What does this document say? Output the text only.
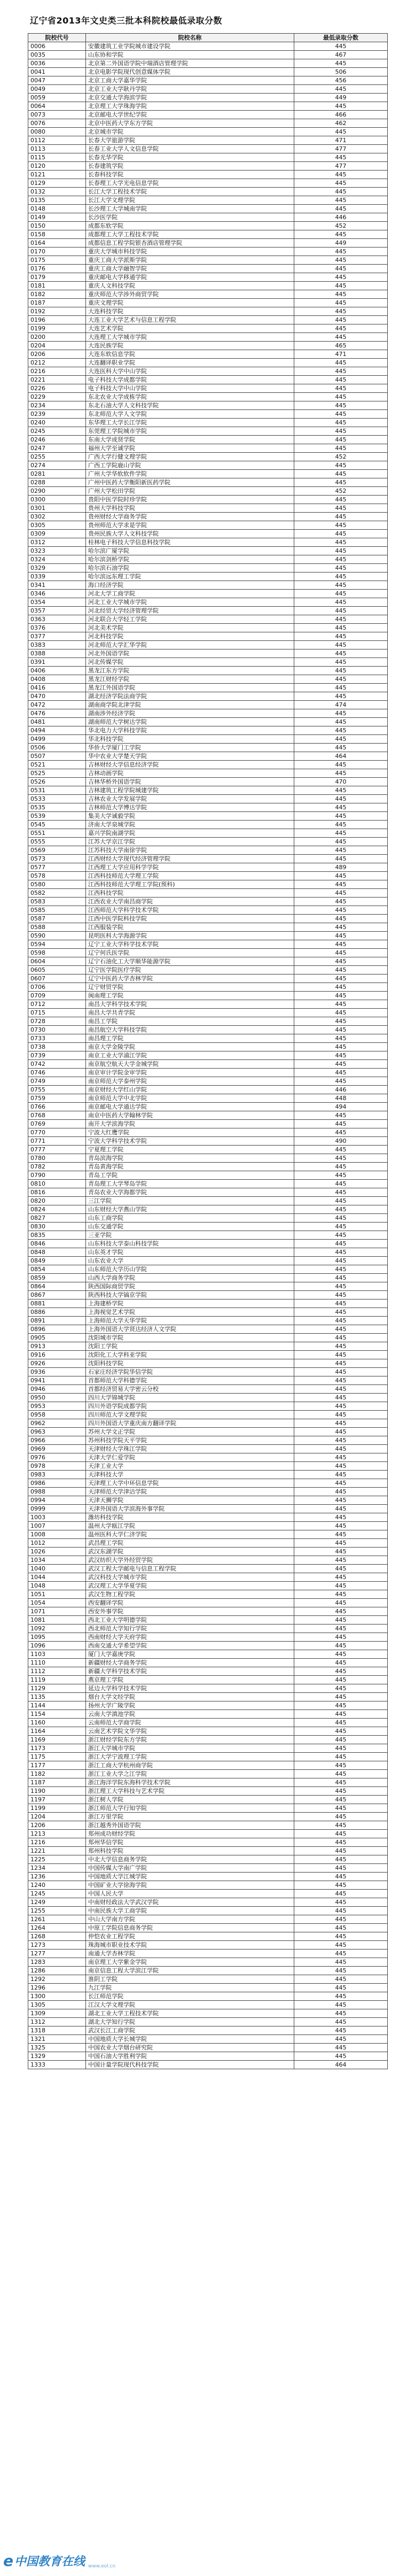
辽宁省2013年文史类三批本科院校最低录取分数
院校代号	院校名称	最低录取分数
0006	安徽建筑工业学院城市建设学院	445
0035	山东协和学院	467
0036	北京第二外国语学院中瑞酒店管理学院	445
0041	北京电影学院现代创意媒体学院	506
0047	北京工商大学嘉华学院	456
0049	北京工业大学耿丹学院	445
0059	北京交通大学海滨学院	449
0064	北京理工大学珠海学院	445
0073	北京邮电大学世纪学院	466
0076	北京中医药大学东方学院	462
0080	北京城市学院	445
0112	长春大学旅游学院	471
0113	长春工业大学人文信息学院	477
0115	长春光华学院	445
0120	长春建筑学院	477
0121	长春科技学院	445
0129	长春理工大学光电信息学院	445
0132	长江大学工程技术学院	445
0135	长江大学文理学院	445
0148	长沙理工大学城南学院	445
0149	长沙医学院	446
0150	成都东软学院	452
0158	成都理工大学工程技术学院	445
0164	成都信息工程学院银杏酒店管理学院	449
0170	重庆大学城市科技学院	445
0175	重庆工商大学派斯学院	445
0176	重庆工商大学融智学院	445
0179	重庆邮电大学移通学院	445
0181	重庆人文科技学院	445
0182	重庆师范大学涉外商贸学院	445
0187	重庆文理学院	445
0192	大连科技学院	445
0196	大连工业大学艺术与信息工程学院	445
0199	大连艺术学院	445
0200	大连理工大学城市学院	445
0204	大连民族学院	465
0206	大连东软信息学院	471
0212	大连翻译职业学院	445
0216	大连医科大学中山学院	445
0221	电子科技大学成都学院	445
0226	电子科技大学中山学院	445
0229	东北农业大学成栋学院	445
0234	东北石油大学人文科技学院	445
0239	东北师范大学人文学院	445
0240	东华理工大学长江学院	445
0245	东莞理工学院城市学院	445
0246	东南大学成贤学院	445
0247	福州大学至诚学院	445
0255	广西大学行健文理学院	452
0274	广西工学院鹿山学院	445
0281	广州大学华软软件学院	445
0288	广州中医药大学衡阳新医药学院	445
0290	广州大学松田学院	452
0300	贵阳中医学院时珍学院	445
0301	贵州大学科技学院	445
0302	贵州财经大学商务学院	445
0305	贵州师范大学求是学院	445
0309	贵州民族大学人文科技学院	445
0312	桂林电子科技大学信息科技学院	445
0323	哈尔滨广厦学院	445
0324	哈尔滨剑桥学院	445
0329	哈尔滨石油学院	445
0339	哈尔滨远东理工学院	445
0341	海口经济学院	445
0346	河北大学工商学院	445
0354	河北工业大学城市学院	445
0357	河北经贸大学经济管理学院	445
0363	河北联合大学轻工学院	445
0376	河北美术学院	445
0377	河北科技学院	445
0383	河北师范大学汇华学院	445
0388	河北外国语学院	445
0391	河北传媒学院	445
0406	黑龙江东方学院	445
0408	黑龙江财经学院	445
0416	黑龙江外国语学院	445
0470	湖北经济学院法商学院	445
0472	湖南商学院北津学院	474
0476	湖南涉外经济学院	445
0481	湖南师范大学树达学院	445
0494	华北电力大学科技学院	445
0499	华北科技学院	445
0506	华侨大学厦门工学院	445
0507	华中农业大学楚天学院	464
0521	吉林财经大学信息经济学院	445
0525	吉林动画学院	445
0526	吉林华桥外国语学院	470
0531	吉林建筑工程学院城建学院	445
0533	吉林农业大学发展学院	445
0535	吉林师范大学博达学院	445
0539	集美大学诚毅学院	445
0545	济南大学泉城学院	445
0551	嘉兴学院南湖学院	445
0555	江苏大学京江学院	445
0569	江苏科技大学南徐学院	445
0573	江西财经大学现代经济管理学院	445
0577	江西理工大学应用科学学院	489
0578	江西科技师范大学理工学院	445
0580	江西科技师范大学理工学院(预科)	445
0582	江西科技学院	445
0583	江西农业大学南昌商学院	445
0585	江西师范大学科学技术学院	445
0587	江西中医学院科技学院	445
0588	江西服装学院	445
0590	昆明医科大学海源学院	445
0594	辽宁工业大学科学技术学院	445
0598	辽宁何氏医学院	445
0604	辽宁石油化工大学顺华能源学院	445
0605	辽宁医学院医疗学院	445
0607	辽宁中医药大学杏林学院	445
0706	辽宁财贸学院	445
0709	闽南理工学院	445
0712	南昌大学科学技术学院	445
0715	南昌大学共青学院	445
0728	南昌工学院	445
0730	南昌航空大学科技学院	445
0733	南昌理工学院	445
0738	南京大学金陵学院	445
0739	南京工业大学浦江学院	445
0742	南京航空航天大学金城学院	445
0746	南京审计学院金审学院	445
0749	南京师范大学泰州学院	445
0755	南京财经大学红山学院	446
0759	南京师范大学中北学院	448
0766	南京邮电大学通达学院	494
0768	南京中医药大学翰林学院	445
0769	南开大学滨海学院	445
0770	宁波大红鹰学院	445
0771	宁波大学科学技术学院	490
0777	宁夏理工学院	445
0780	青岛滨海学院	445
0782	青岛黄海学院	445
0790	青岛工学院	445
0810	青岛理工大学琴岛学院	445
0816	青岛农业大学海都学院	445
0820	三江学院	445
0824	山东财经大学燕山学院	445
0827	山东工商学院	445
0830	山东交通学院	445
0835	三亚学院	445
0846	山东科技大学泰山科技学院	445
0848	山东英才学院	445
0849	山东农业大学	445
0854	山东师范大学历山学院	445
0859	山西大学商务学院	445
0864	陕西国际商贸学院	445
0867	陕西科技大学镐京学院	445
0881	上海建桥学院	445
0886	上海视觉艺术学院	445
0891	上海师范大学天华学院	445
0896	上海外国语大学贤达经济人文学院	445
0905	沈阳城市学院	445
0913	沈阳工学院	445
0916	沈阳化工大学科亚学院	445
0926	沈阳科技学院	445
0936	石家庄经济学院华信学院	445
0941	首都师范大学科德学院	445
0946	首都经济贸易大学密云分校	445
0950	四川大学锦城学院	445
0953	四川外语学院成都学院	445
0958	四川师范大学文理学院	445
0962	四川外国语大学重庆南方翻译学院	445
0963	苏州大学文正学院	445
0966	苏州科技学院天平学院	445
0969	天津财经大学珠江学院	445
0976	天津大学仁爱学院	445
0978	天津工业大学	445
0983	天津科技大学	445
0986	天津理工大学中环信息学院	445
0988	天津师范大学津沽学院	445
0994	天津天狮学院	445
0999	天津外国语大学滨海外事学院	445
1003	潍坊科技学院	445
1007	温州大学瓯江学院	445
1008	温州医科大学仁济学院	445
1012	武昌理工学院	445
1026	武汉东湖学院	445
1034	武汉纺织大学外经贸学院	445
1040	武汉工程大学邮电与信息工程学院	445
1044	武汉科技大学城市学院	445
1048	武汉理工大学华夏学院	445
1051	武汉生物工程学院	445
1054	西安翻译学院	445
1071	西安外事学院	445
1081	西北工业大学明德学院	445
1092	西北师范大学知行学院	445
1095	西南财经大学天府学院	445
1096	西南交通大学希望学院	445
1103	厦门大学嘉庚学院	445
1110	新疆财经大学商务学院	445
1112	新疆大学科学技术学院	445
1119	燕京理工学院	445
1129	延边大学科学技术学院	445
1135	烟台大学文经学院	445
1144	扬州大学广陵学院	445
1154	云南大学滇池学院	445
1160	云南师范大学商学院	445
1164	云南艺术学院文华学院	445
1169	浙江财经学院东方学院	445
1173	浙江大学城市学院	445
1175	浙江大学宁波理工学院	445
1177	浙江工商大学杭州商学院	445
1182	浙江工业大学之江学院	445
1187	浙江海洋学院东海科学技术学院	445
1190	浙江理工大学科技与艺术学院	445
1197	浙江树人学院	445
1199	浙江师范大学行知学院	445
1204	浙江万里学院	445
1206	浙江越秀外国语学院	445
1213	郑州成功财经学院	445
1216	郑州华信学院	445
1221	郑州科技学院	445
1225	中北大学信息商务学院	445
1234	中国传媒大学南广学院	445
1236	中国地质大学江城学院	445
1240	中国矿业大学徐海学院	445
1245	中国人民大学	445
1249	中南财经政法大学武汉学院	445
1255	中南民族大学工商学院	445
1261	中山大学南方学院	445
1264	中原工学院信息商务学院	445
1268	仲恺农业工程学院	445
1273	珠海城市职业技术学院	445
1277	南通大学杏林学院	445
1283	南京理工大学紫金学院	445
1286	南京信息工程大学滨江学院	445
1292	淮阴工学院	445
1296	九江学院	445
1300	长江师范学院	445
1305	江汉大学文理学院	445
1309	湖北工业大学工程技术学院	445
1312	湖北大学知行学院	445
1318	武汉长江工商学院	445
1321	中国地质大学长城学院	445
1325	中国农业大学烟台研究院	445
1329	中国石油大学胜利学院	445
1333	中国计量学院现代科技学院	464
e 中国教育在线 www.eol.cn
